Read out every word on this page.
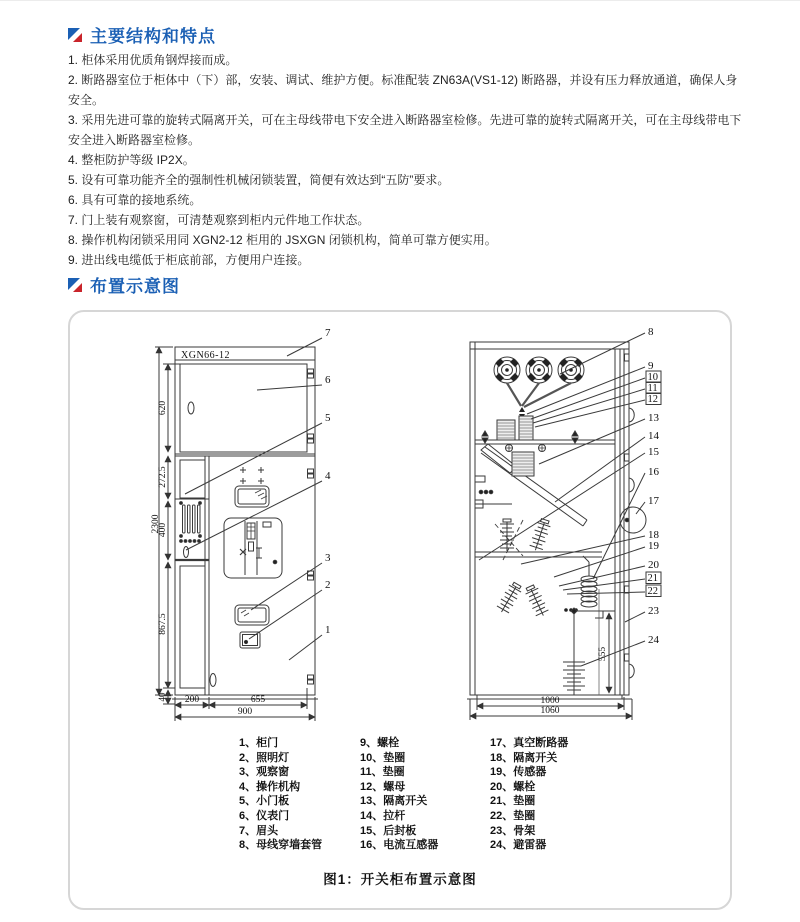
主要结构和特点
1. 柜体采用优质角钢焊接而成。
2. 断路器室位于柜体中（下）部，安装、调试、维护方便。标准配装 ZN63A(VS1-12) 断路器，并设有压力释放通道，确保人身安全。
3. 采用先进可靠的旋转式隔离开关，可在主母线带电下安全进入断路器室检修。先进可靠的旋转式隔离开关，可在主母线带电下安全进入断路器室检修。
4. 整柜防护等级 IP2X。
5. 设有可靠功能齐全的强制性机械闭锁装置，简便有效达到“五防”要求。
6. 具有可靠的接地系统。
7. 门上装有观察窗，可清楚观察到柜内元件地工作状态。
8. 操作机构闭锁采用同 XGN2-12 柜用的 JSXGN 闭锁机构，简单可靠方便实用。
9. 进出线电缆低于柜底前部，方便用户连接。
布置示意图
XGN66-12
2300
620
272.5
400
867.5
40 200	655
900
7
6
5
4
3
2
1
555
1000
1060
8
9
10
11
12
13
14
15
16
17
18
19
20
21
22
23
24
1、柜门
2、照明灯
3、观察窗
4、操作机构
5、小门板
6、仪表门
7、眉头
8、母线穿墙套管
9、螺栓
10、垫圈
11、垫圈
12、螺母
13、隔离开关
14、拉杆
15、后封板
16、电流互感器
17、真空断路器
18、隔离开关
19、传感器
20、螺栓
21、垫圈
22、垫圈
23、骨架
24、避雷器
图1：开关柜布置示意图
